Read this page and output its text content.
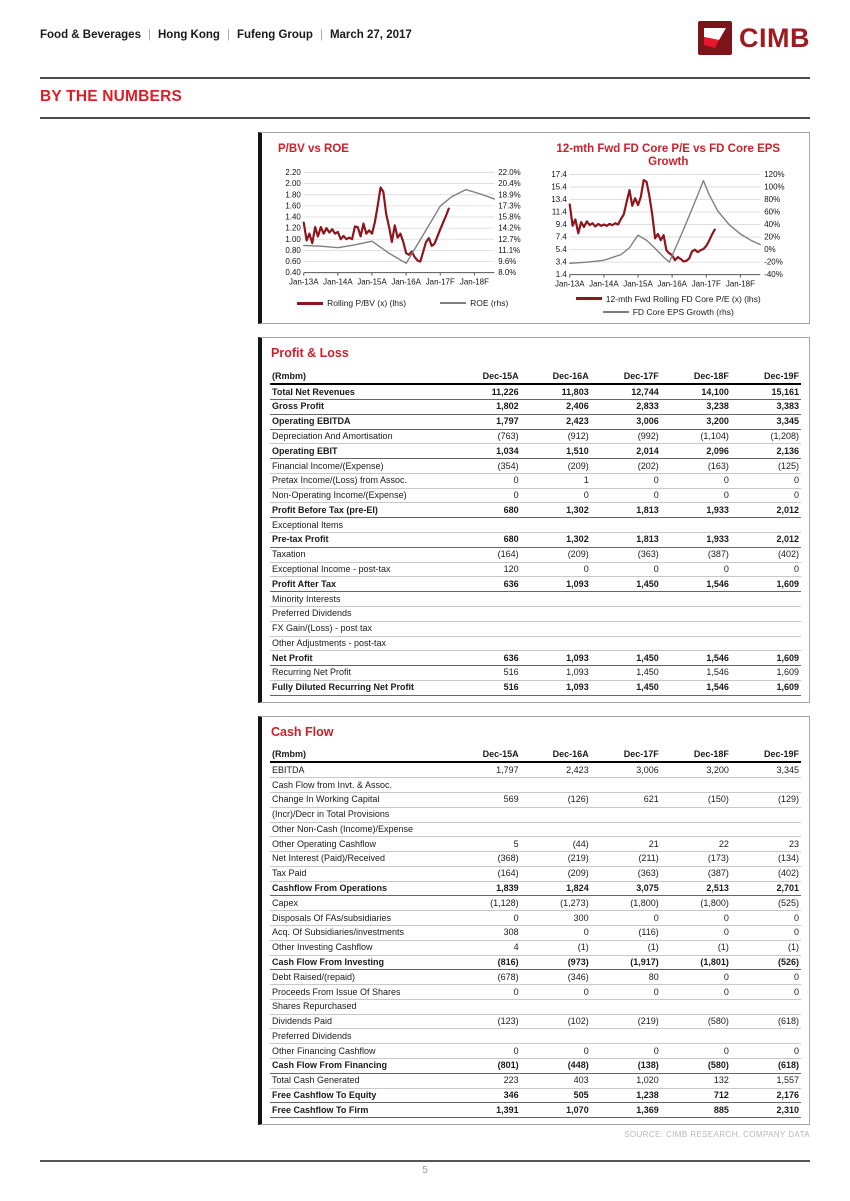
Food & Beverages | Hong Kong | Fufeng Group | March 27, 2017	CIMB
BY THE NUMBERS
P/BV vs ROE
2.20	22.0%
2.00	20.4%
1.80	18.9%
1.60	17.3%
1.40	15.8%
1.20	14.2%
1.00	12.7%
0.80	11.1%
0.60	9.6%
0.40	8.0%
Jan-13A Jan-14A Jan-15A Jan-16A Jan-17F Jan-18F
Rolling P/BV (x) (lhs)	ROE (rhs)
12-mth Fwd FD Core P/E vs FD Core EPS Growth
17.4	120%
15.4	100%
13.4	80%
11.4	60%
9.4	40%
7.4	20%
5.4	0%
3.4	-20%
1.4	-40%
Jan-13A Jan-14A Jan-15A Jan-16A Jan-17F Jan-18F
12-mth Fwd Rolling FD Core P/E (x) (lhs)
FD Core EPS Growth (rhs)
Profit & Loss
(Rmbm)	Dec-15A	Dec-16A	Dec-17F	Dec-18F	Dec-19F
Total Net Revenues	11,226	11,803	12,744	14,100	15,161
Gross Profit	1,802	2,406	2,833	3,238	3,383
Operating EBITDA	1,797	2,423	3,006	3,200	3,345
Depreciation And Amortisation	(763)	(912)	(992)	(1,104)	(1,208)
Operating EBIT	1,034	1,510	2,014	2,096	2,136
Financial Income/(Expense)	(354)	(209)	(202)	(163)	(125)
Pretax Income/(Loss) from Assoc.	0	1	0	0	0
Non-Operating Income/(Expense)	0	0	0	0	0
Profit Before Tax (pre-EI)	680	1,302	1,813	1,933	2,012
Exceptional Items					
Pre-tax Profit	680	1,302	1,813	1,933	2,012
Taxation	(164)	(209)	(363)	(387)	(402)
Exceptional Income - post-tax	120	0	0	0	0
Profit After Tax	636	1,093	1,450	1,546	1,609
Minority Interests					
Preferred Dividends					
FX Gain/(Loss) - post tax					
Other Adjustments - post-tax					
Net Profit	636	1,093	1,450	1,546	1,609
Recurring Net Profit	516	1,093	1,450	1,546	1,609
Fully Diluted Recurring Net Profit	516	1,093	1,450	1,546	1,609
Cash Flow
(Rmbm)	Dec-15A	Dec-16A	Dec-17F	Dec-18F	Dec-19F
EBITDA	1,797	2,423	3,006	3,200	3,345
Cash Flow from Invt. & Assoc.					
Change In Working Capital	569	(126)	621	(150)	(129)
(Incr)/Decr in Total Provisions					
Other Non-Cash (Income)/Expense					
Other Operating Cashflow	5	(44)	21	22	23
Net Interest (Paid)/Received	(368)	(219)	(211)	(173)	(134)
Tax Paid	(164)	(209)	(363)	(387)	(402)
Cashflow From Operations	1,839	1,824	3,075	2,513	2,701
Capex	(1,128)	(1,273)	(1,800)	(1,800)	(525)
Disposals Of FAs/subsidiaries	0	300	0	0	0
Acq. Of Subsidiaries/investments	308	0	(116)	0	0
Other Investing Cashflow	4	(1)	(1)	(1)	(1)
Cash Flow From Investing	(816)	(973)	(1,917)	(1,801)	(526)
Debt Raised/(repaid)	(678)	(346)	80	0	0
Proceeds From Issue Of Shares	0	0	0	0	0
Shares Repurchased					
Dividends Paid	(123)	(102)	(219)	(580)	(618)
Preferred Dividends					
Other Financing Cashflow	0	0	0	0	0
Cash Flow From Financing	(801)	(448)	(138)	(580)	(618)
Total Cash Generated	223	403	1,020	132	1,557
Free Cashflow To Equity	346	505	1,238	712	2,176
Free Cashflow To Firm	1,391	1,070	1,369	885	2,310
SOURCE: CIMB RESEARCH, COMPANY DATA
5
